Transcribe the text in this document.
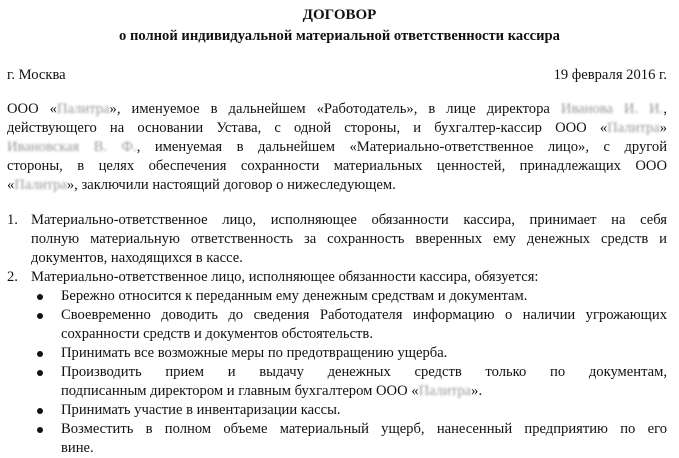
ДОГОВОР
о полной индивидуальной материальной ответственности кассира
г. Москва	19 февраля 2016 г.
ООО «Палитра», именуемое в дальнейшем «Работодатель», в лице директора Иванова И. И.,
действующего на основании Устава, с одной стороны, и бухгалтер-кассир ООО «Палитра»
Ивановская В. Ф., именуемая в дальнейшем «Материально-ответственное лицо», с другой
стороны, в целях обеспечения сохранности материальных ценностей, принадлежащих ООО
«Палитра», заключили настоящий договор о нижеследующем.
1. Материально-ответственное лицо, исполняющее обязанности кассира, принимает на себя
полную материальную ответственность за сохранность вверенных ему денежных средств и
документов, находящихся в кассе.
2. Материально-ответственное лицо, исполняющее обязанности кассира, обязуется:
Бережно относится к переданным ему денежным средствам и документам.
Своевременно доводить до сведения Работодателя информацию о наличии угрожающих
сохранности средств и документов обстоятельств.
Принимать все возможные меры по предотвращению ущерба.
Производить прием и выдачу денежных средств только по документам,
подписанным директором и главным бухгалтером ООО «Палитра».
Принимать участие в инвентаризации кассы.
Возместить в полном объеме материальный ущерб, нанесенный предприятию по его
вине.
